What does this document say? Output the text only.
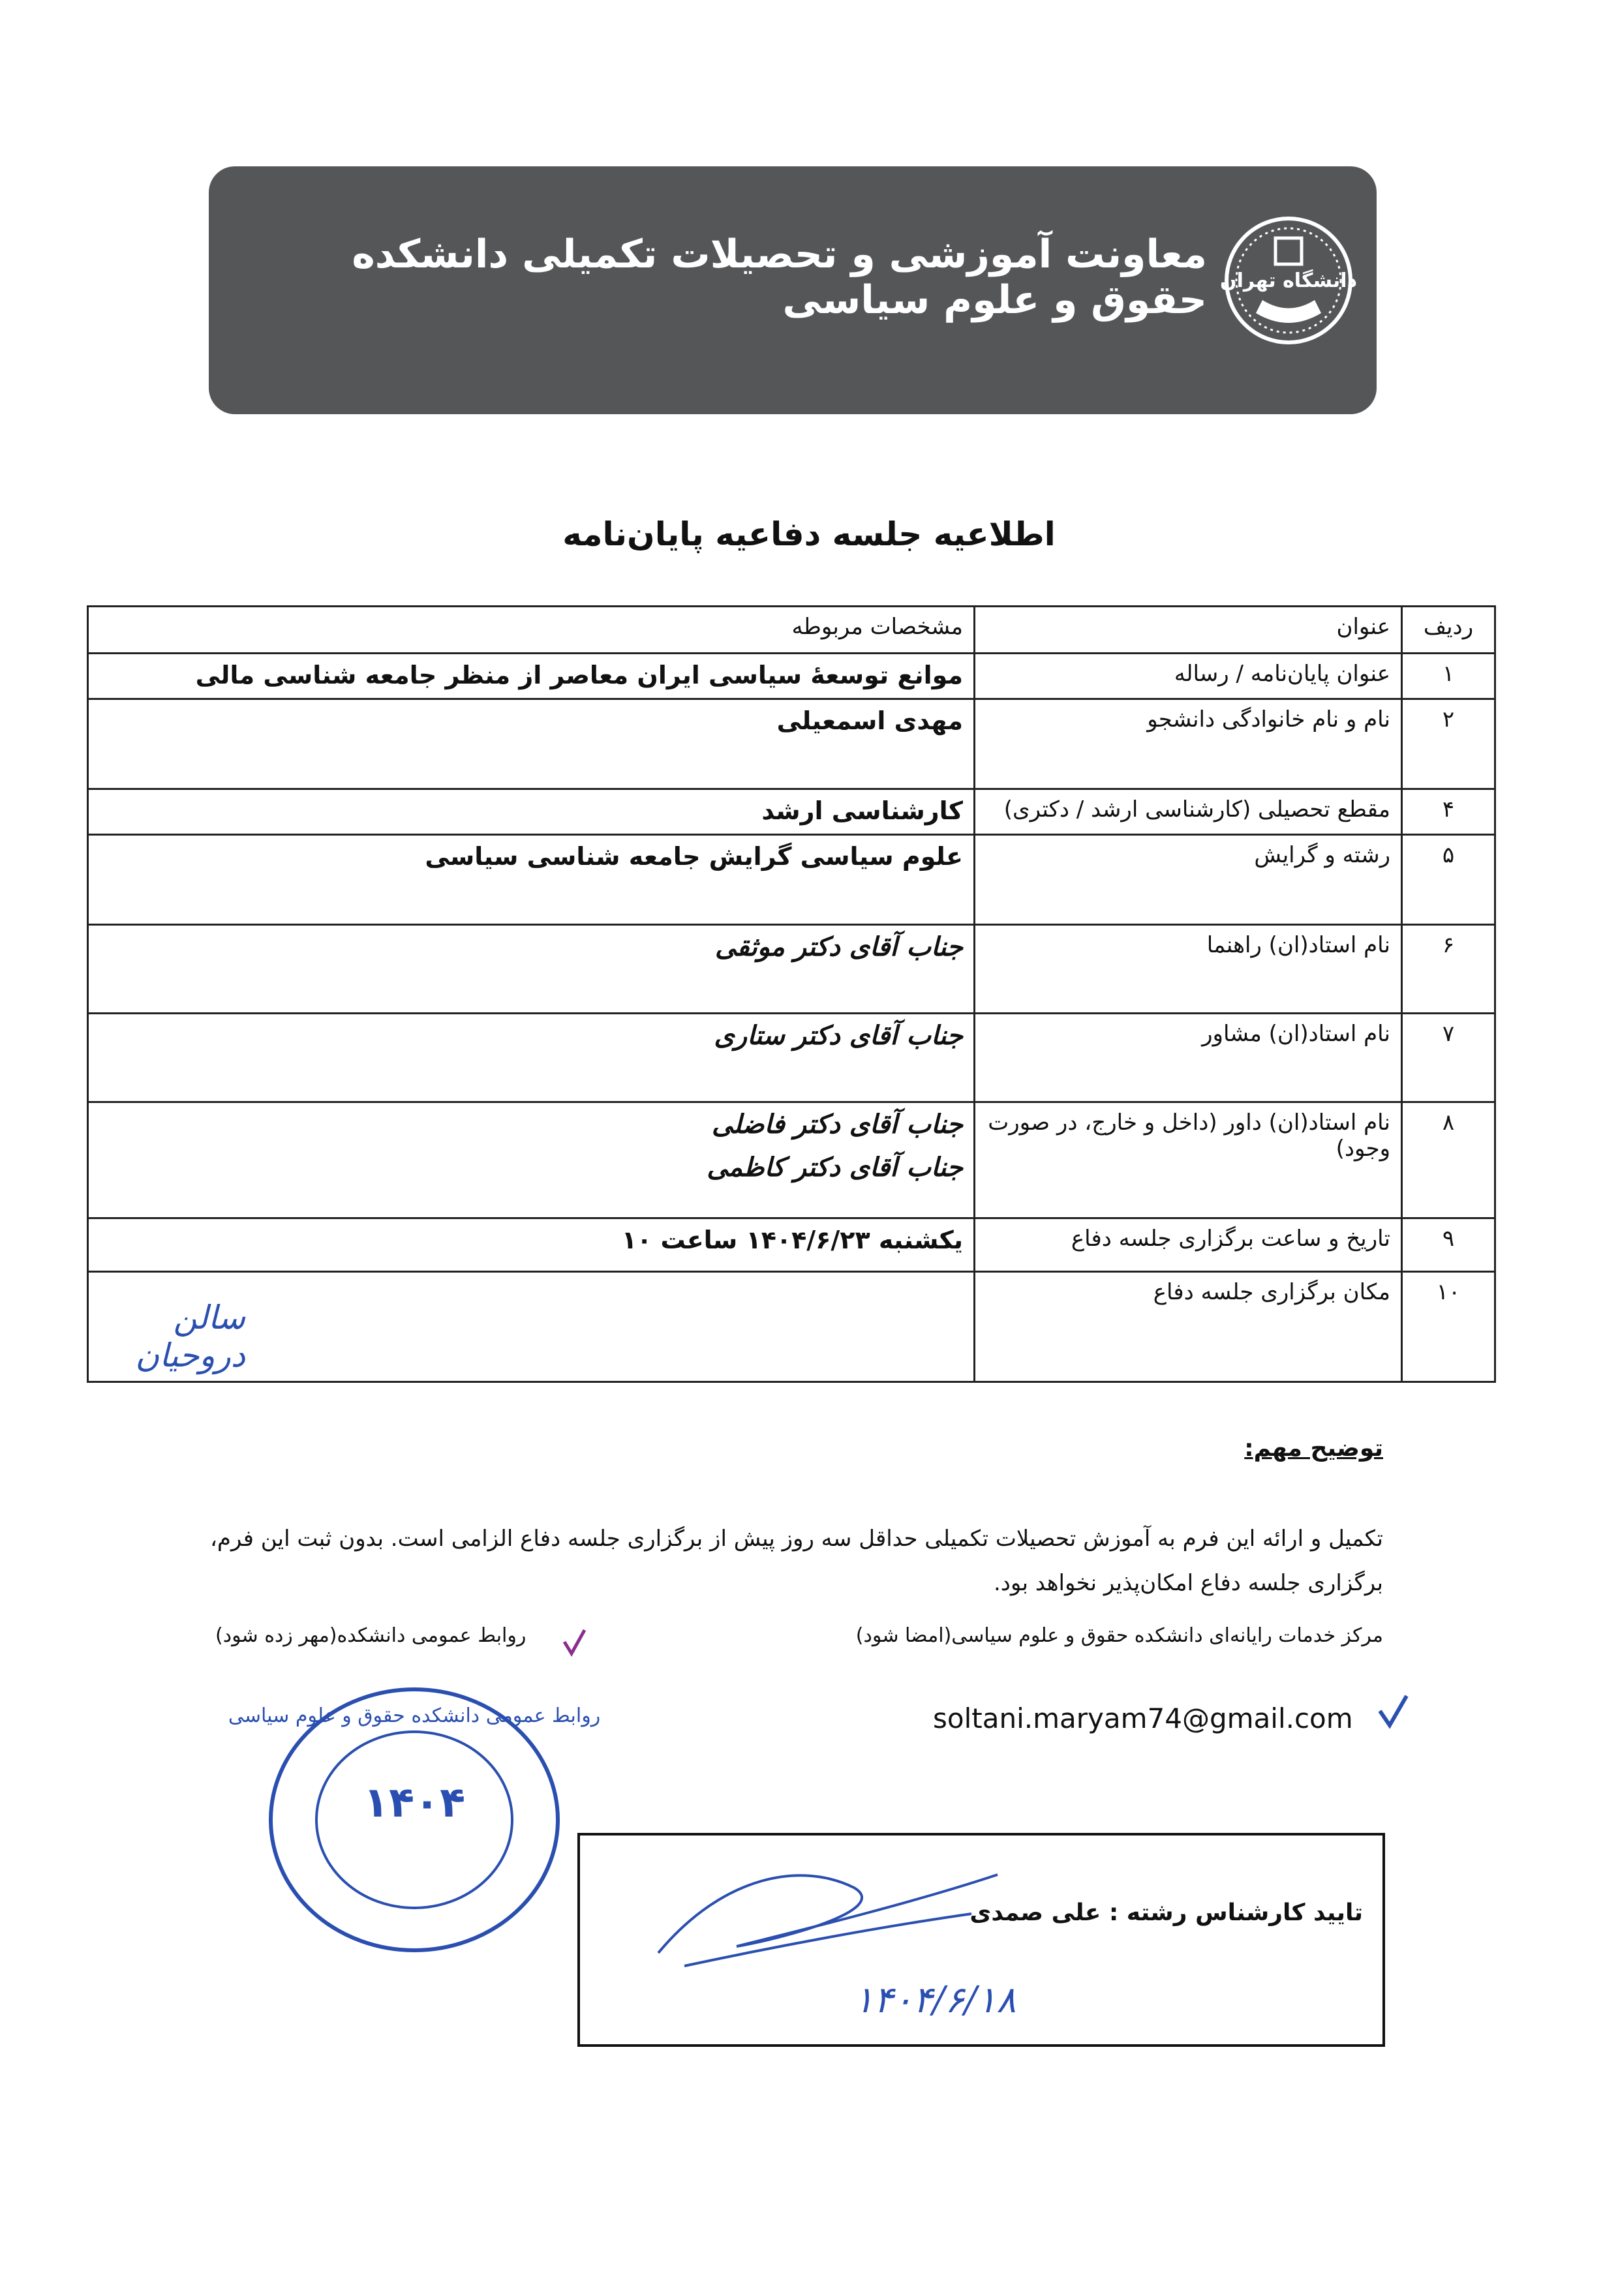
معاونت آموزشی و تحصیلات تکمیلی دانشکده حقوق و علوم سیاسی دانشگاه تهران
اطلاعیه جلسه دفاعیه پایان‌نامه
ردیف	عنوان	مشخصات مربوطه
۱	عنوان پایان‌نامه / رساله	موانع توسعهٔ سیاسی ایران معاصر از منظر جامعه شناسی مالی
۲	نام و نام خانوادگی دانشجو	مهدی اسمعیلی
۴	مقطع تحصیلی (کارشناسی ارشد / دکتری)	کارشناسی ارشد
۵	رشته و گرایش	علوم سیاسی گرایش جامعه شناسی سیاسی
۶	نام استاد(ان) راهنما	جناب آقای دکتر موثقی
۷	نام استاد(ان) مشاور	جناب آقای دکتر ستاری
۸	نام استاد(ان) داور (داخل و خارج، در صورت وجود)	جناب آقای دکتر فاضلی
جناب آقای دکتر کاظمی

۹	تاریخ و ساعت برگزاری جلسه دفاع	یکشنبه ۱۴۰۴/۶/۲۳ ساعت ۱۰
۱۰	مکان برگزاری جلسه دفاع	سالن دروحیان
توضیح مهم:
تکمیل و ارائه این فرم به آموزش تحصیلات تکمیلی حداقل سه روز پیش از برگزاری جلسه دفاع الزامی است. بدون ثبت این فرم، برگزاری جلسه دفاع امکان‌پذیر نخواهد بود.
مرکز خدمات رایانه‌ای دانشکده حقوق و علوم سیاسی(امضا شود)
روابط عمومی دانشکده(مهر زده شود)
soltani.maryam74@gmail.com
۱۴۰۴
روابط عمومی دانشکده حقوق و علوم سیاسی
تایید کارشناس رشته : علی صمدی
۱۴۰۴/۶/۱۸
